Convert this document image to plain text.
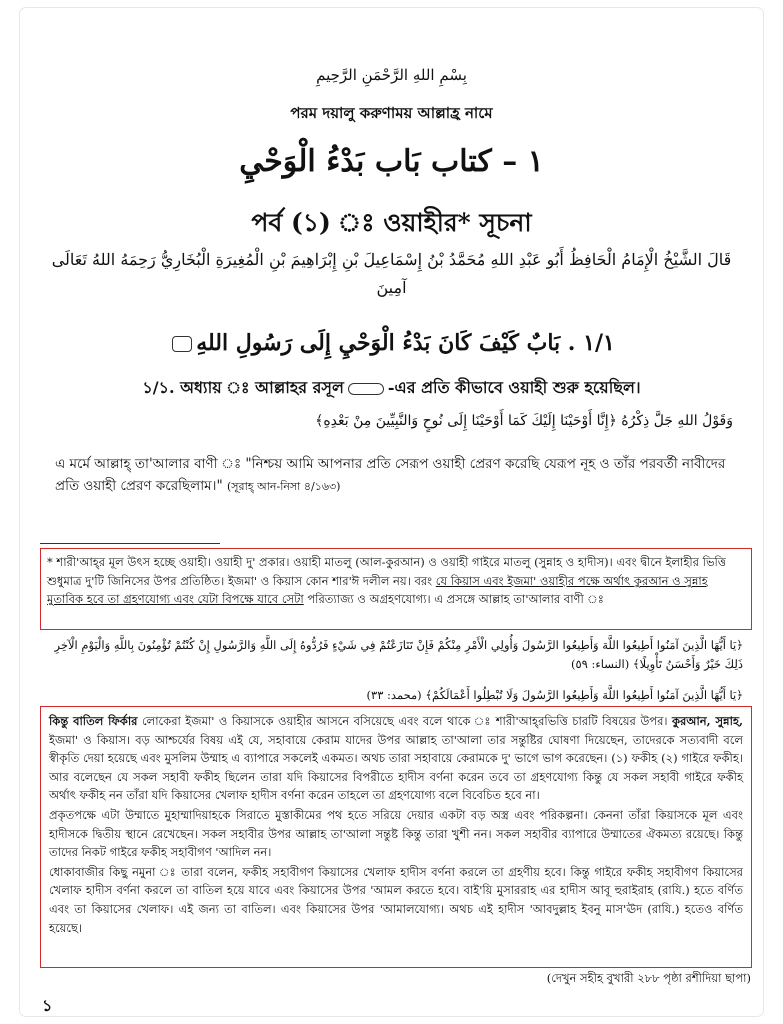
بِسْمِ اللهِ الرَّحْمَنِ الرَّحِيمِ
পরম দয়ালু করুণাময় আল্লাহ্র নামে
١ – كتاب بَاب بَدْءُ الْوَحْيِ
পর্ব (১) ঃ ওয়াহীর* সূচনা
قَالَ الشَّيْخُ الْإِمَامُ الْحَافِظُ أَبُو عَبْدِ اللهِ مُحَمَّدُ بْنُ إِسْمَاعِيلَ بْنِ إِبْرَاهِيمَ بْنِ الْمُغِيرَةِ الْبُخَارِيُّ رَحِمَهُ اللهُ تَعَالَى آمِينَ
١/١ . بَابٌ كَيْفَ كَانَ بَدْءُ الْوَحْيِ إِلَى رَسُولِ اللهِ
১/১. অধ্যায় ঃ আল্লাহর রসূল	-এর প্রতি কীভাবে ওয়াহী শুরু হয়েছিল।
وَقَوْلُ اللهِ جَلَّ ذِكْرُهُ ﴿إِنَّا أَوْحَيْنَا إِلَيْكَ كَمَا أَوْحَيْنَا إِلَى نُوحٍ وَالنَّبِيِّينَ مِنْ بَعْدِهِ﴾
এ মর্মে আল্লাহ্ তা'আলার বাণী ঃ "নিশ্চয় আমি আপনার প্রতি সেরূপ ওয়াহী প্রেরণ করেছি যেরূপ নূহ ও তাঁর পরবর্তী নাবীদের প্রতি ওয়াহী প্রেরণ করেছিলাম।" (সূরাহ্ আন-নিসা ৪/১৬৩)
* শারী'আহ্‌র মূল উৎস হচ্ছে ওয়াহী। ওয়াহী দু' প্রকার। ওয়াহী মাতলু (আল-কুরআন) ও ওয়াহী গাইরে মাতলু (সুন্নাহ ও হাদীস)। এবং দ্বীনে ইলাহীর ভিত্তি শুধুমাত্র দু'টি জিনিসের উপর প্রতিষ্ঠিত। ইজমা' ও কিয়াস কোন শার'ঈ দলীল নয়। বরং যে কিয়াস এবং ইজমা' ওয়াহীর পক্ষে অর্থাৎ কুরআন ও সুন্নাহ মুতাবিক হবে তা গ্রহণযোগ্য এবং যেটা বিপক্ষে যাবে সেটা পরিত্যাজ্য ও অগ্রহণযোগ্য। এ প্রসঙ্গে আল্লাহ তা'আলার বাণী ঃ
﴿يَا أَيُّهَا الَّذِينَ آمَنُوا أَطِيعُوا اللَّهَ وَأَطِيعُوا الرَّسُولَ وَأُولِي الْأَمْرِ مِنْكُمْ فَإِنْ تَنَازَعْتُمْ فِي شَيْءٍ فَرُدُّوهُ إِلَى اللَّهِ وَالرَّسُولِ إِنْ كُنْتُمْ تُؤْمِنُونَ بِاللَّهِ وَالْيَوْمِ الْآخِرِ ذَلِكَ خَيْرٌ وَأَحْسَنُ تَأْوِيلًا﴾ (النساء: ٥٩)
﴿يَا أَيُّهَا الَّذِينَ آمَنُوا أَطِيعُوا اللَّهَ وَأَطِيعُوا الرَّسُولَ وَلَا تُبْطِلُوا أَعْمَالَكُمْ﴾ (محمد: ٣٣)

কিন্তু বাতিল ফির্কার লোকেরা ইজমা' ও কিয়াসকে ওয়াহীর আসনে বসিয়েছে এবং বলে থাকে ঃ শারী'আহ্‌রভিত্তি চারটি বিষয়ের উপর। কুরআন, সুন্নাহ, ইজমা' ও কিয়াস। বড় আশ্চর্যের বিষয় এই যে, সহাবায়ে কেরাম যাদের উপর আল্লাহ তা'আলা তার সন্তুষ্টির ঘোষণা দিয়েছেন, তাদেরকে সত্যবাদী বলে স্বীকৃতি দেয়া হয়েছে এবং মুসলিম উম্মাহ এ ব্যাপারে সকলেই একমত। অথচ তারা সহাবায়ে কেরামকে দু' ভাগে ভাগ করেছেন। (১) ফকীহ (২) গাইরে ফকীহ। আর বলেছেন যে সকল সহাবী ফকীহ ছিলেন তারা যদি কিয়াসের বিপরীতে হাদীস বর্ণনা করেন তবে তা গ্রহণযোগ্য কিন্তু যে সকল সহাবী গাইরে ফকীহ অর্থাৎ ফকীহ নন তাঁরা যদি কিয়াসের খেলাফ হাদীস বর্ণনা করেন তাহলে তা গ্রহণযোগ্য বলে বিবেচিত হবে না।

প্রকৃতপক্ষে এটা উম্মাতে মুহাম্মাদিয়াহকে সিরাতে মুস্তাকীমের পথ হতে সরিয়ে দেয়ার একটা বড় অস্ত্র এবং পরিকল্পনা। কেননা তাঁরা কিয়াসকে মূল এবং হাদীসকে দ্বিতীয় স্থানে রেখেছেন। সকল সহাবীর উপর আল্লাহ তা'আলা সন্তুষ্ট কিন্তু তারা খুশী নন। সকল সহাবীর ব্যাপারে উম্মাতের ঐকমত্য রয়েছে। কিন্তু তাদের নিকট গাইরে ফকীহ সহাবীগণ 'আদিল নন।

ধোকাবাজীর কিছু নমুনা ঃ তারা বলেন, ফকীহ সহাবীগণ কিয়াসের খেলাফ হাদীস বর্ণনা করলে তা গ্রহণীয় হবে। কিন্তু গাইরে ফকীহ সহাবীগণ কিয়াসের খেলাফ হাদীস বর্ণনা করলে তা বাতিল হয়ে যাবে এবং কিয়াসের উপর 'আমল করতে হবে। বাই'য়ি মুসাররাহ এর হাদীস আবূ হুরাইরাহ (রাযি.) হতে বর্ণিত এবং তা কিয়াসের খেলাফ। এই জন্য তা বাতিল। এবং কিয়াসের উপর 'আমালযোগ্য। অথচ এই হাদীস 'আবদুল্লাহ ইবনু মাস'ঊদ (রাযি.) হতেও বর্ণিত হয়েছে।

(দেখুন সহীহ বুখারী ২৮৮ পৃষ্ঠা রশীদিয়া ছাপা)
১
